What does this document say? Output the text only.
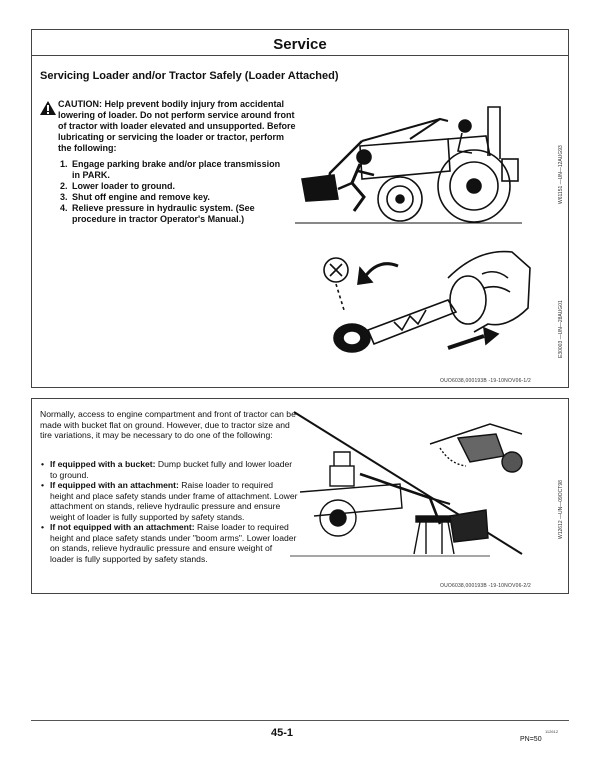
Service
Servicing Loader and/or Tractor Safely (Loader Attached)
CAUTION: Help prevent bodily injury from accidental lowering of loader. Do not perform service around front of tractor with loader elevated and unsupported. Before lubricating or servicing the loader or tractor, perform the following:
1. Engage parking brake and/or place transmission in PARK.
2. Lower loader to ground.
3. Shut off engine and remove key.
4. Relieve pressure in hydraulic system. (See procedure in tractor Operator's Manual.)
W61151 —UN—12AUG93
E30003 —UN—28AUG01
OUO6038,000193B -19-10NOV06-1/2
Normally, access to engine compartment and front of tractor can be made with bucket flat on ground. However, due to tractor size and tire variations, it may be necessary to do one of the following:
• If equipped with a bucket: Dump bucket fully and lower loader to ground.
• If equipped with an attachment: Raise loader to required height and place safety stands under frame of attachment. Lower attachment on stands, relieve hydraulic pressure and ensure weight of loader is fully supported by safety stands.
• If not equipped with an attachment: Raise loader to required height and place safety stands under "boom arms". Lower loader on stands, relieve hydraulic pressure and ensure weight of loader is fully supported by safety stands.
W12612 —UN—09OCT98
OUO6038,000193B -19-10NOV06-2/2
45-1	112612
PN=50
